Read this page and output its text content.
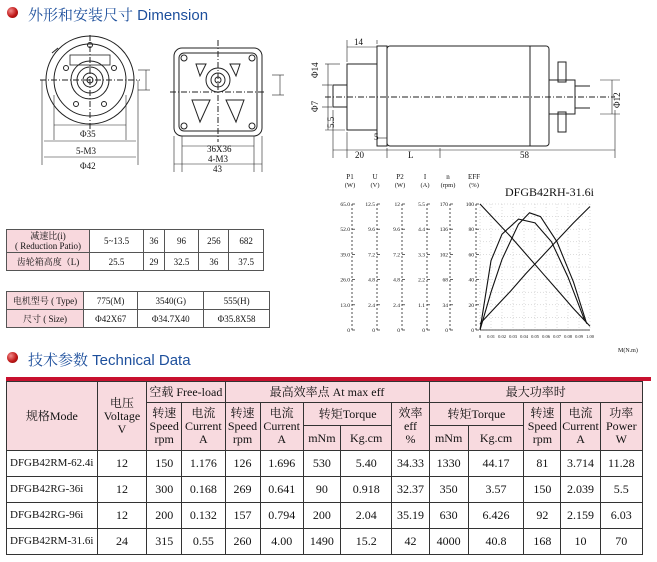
外形和安装尺寸 Dimension
Φ35
5-M3
Φ42
36X36
4-M3
43
14
5
20	L	58
Φ14
Φ7
5.5
Φ12
减速比(i)
( Reduction Patio)	5~13.5	36	96	256	682
齿轮箱高度（L)	25.5	29	32.5	36	37.5
电机型号 ( Type)	775(M)	3540(G)	555(H)
尺寸 ( Size)	Φ42X67	Φ34.7X40	Φ35.8X58
P1
(W)
0
13.0
26.0
39.0
52.0
65.0
U
(V)
0
2.4
4.8
7.2
9.6
12.5
P2
(W)
0
2.4
4.8
7.2
9.6
12
I
(A)
0
1.1
2.2
3.3
4.4
5.5
n
(rpm)
0
34
68
102
136
170
EFF
(%)
0
20
40
60
80
100
0 0.01 0.02 0.03 0.04 0.05 0.06 0.07 0.08 0.09 1.00
DFGB42RH-31.6i
M(N.m)
技术参数 Technical Data
规格Mode	电压
Voltage
V	空载 Free-load		最高效率点 At max eff					最大功率时				
		转速
Speed
rpm	电流
Current
A	转速
Speed
rpm	电流
Current
A	转矩Torque		效率
eff
%	转矩Torque		转速
Speed
rpm	电流
Current
A	功率
Power
W
						mNm	Kg.cm		mNm	Kg.cm			
DFGB42RM-62.4i	12	150	1.176	126	1.696	530	5.40	34.33	1330	44.17	81	3.714	11.28
DFGB42RG-36i	12	300	0.168	269	0.641	90	0.918	32.37	350	3.57	150	2.039	5.5
DFGB42RG-96i	12	200	0.132	157	0.794	200	2.04	35.19	630	6.426	92	2.159	6.03
DFGB42RM-31.6i	24	315	0.55	260	4.00	1490	15.2	42	4000	40.8	168	10	70
